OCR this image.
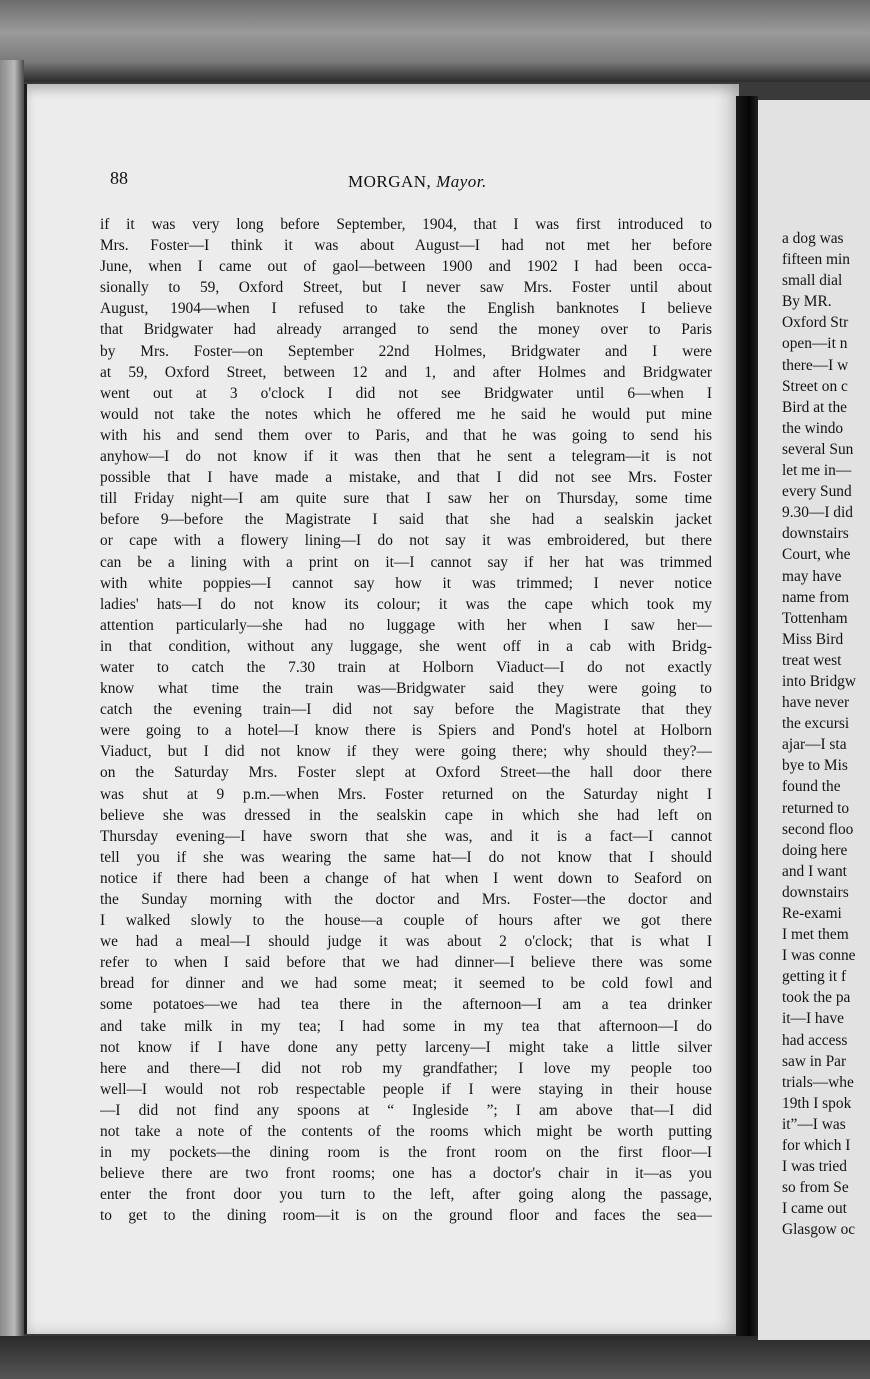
a dog was
fifteen min
small dial
By MR.
Oxford Str
open—it n
there—I w
Street on c
Bird at the
the windo
several Sun
let me in—
every Sund
9.30—I did
downstairs
Court, whe
may have
name from
Tottenham
Miss Bird
treat west
into Bridgw
have never
the excursi
ajar—I sta
bye to Mis
found the
returned to
second floo
doing here
and I want
downstairs
Re-exami
I met them
I was conne
getting it f
took the pa
it—I have
had access
saw in Par
trials—whe
19th I spok
it”—I was
for which I
I was tried
so from Se
I came out
Glasgow oc
88	MORGAN, Mayor.
if it was very long before September, 1904, that I was first introduced to
Mrs. Foster—I think it was about August—I had not met her before
June, when I came out of gaol—between 1900 and 1902 I had been occa-
sionally to 59, Oxford Street, but I never saw Mrs. Foster until about
August, 1904—when I refused to take the English banknotes I believe
that Bridgwater had already arranged to send the money over to Paris
by Mrs. Foster—on September 22nd Holmes, Bridgwater and I were
at 59, Oxford Street, between 12 and 1, and after Holmes and Bridgwater
went out at 3 o'clock I did not see Bridgwater until 6—when I
would not take the notes which he offered me he said he would put mine
with his and send them over to Paris, and that he was going to send his
anyhow—I do not know if it was then that he sent a telegram—it is not
possible that I have made a mistake, and that I did not see Mrs. Foster
till Friday night—I am quite sure that I saw her on Thursday, some time
before 9—before the Magistrate I said that she had a sealskin jacket
or cape with a flowery lining—I do not say it was embroidered, but there
can be a lining with a print on it—I cannot say if her hat was trimmed
with white poppies—I cannot say how it was trimmed; I never notice
ladies' hats—I do not know its colour; it was the cape which took my
attention particularly—she had no luggage with her when I saw her—
in that condition, without any luggage, she went off in a cab with Bridg-
water to catch the 7.30 train at Holborn Viaduct—I do not exactly
know what time the train was—Bridgwater said they were going to
catch the evening train—I did not say before the Magistrate that they
were going to a hotel—I know there is Spiers and Pond's hotel at Holborn
Viaduct, but I did not know if they were going there; why should they?—
on the Saturday Mrs. Foster slept at Oxford Street—the hall door there
was shut at 9 p.m.—when Mrs. Foster returned on the Saturday night I
believe she was dressed in the sealskin cape in which she had left on
Thursday evening—I have sworn that she was, and it is a fact—I cannot
tell you if she was wearing the same hat—I do not know that I should
notice if there had been a change of hat when I went down to Seaford on
the Sunday morning with the doctor and Mrs. Foster—the doctor and
I walked slowly to the house—a couple of hours after we got there
we had a meal—I should judge it was about 2 o'clock; that is what I
refer to when I said before that we had dinner—I believe there was some
bread for dinner and we had some meat; it seemed to be cold fowl and
some potatoes—we had tea there in the afternoon—I am a tea drinker
and take milk in my tea; I had some in my tea that afternoon—I do
not know if I have done any petty larceny—I might take a little silver
here and there—I did not rob my grandfather; I love my people too
well—I would not rob respectable people if I were staying in their house
—I did not find any spoons at “ Ingleside ”; I am above that—I did
not take a note of the contents of the rooms which might be worth putting
in my pockets—the dining room is the front room on the first floor—I
believe there are two front rooms; one has a doctor's chair in it—as you
enter the front door you turn to the left, after going along the passage,
to get to the dining room—it is on the ground floor and faces the sea—
